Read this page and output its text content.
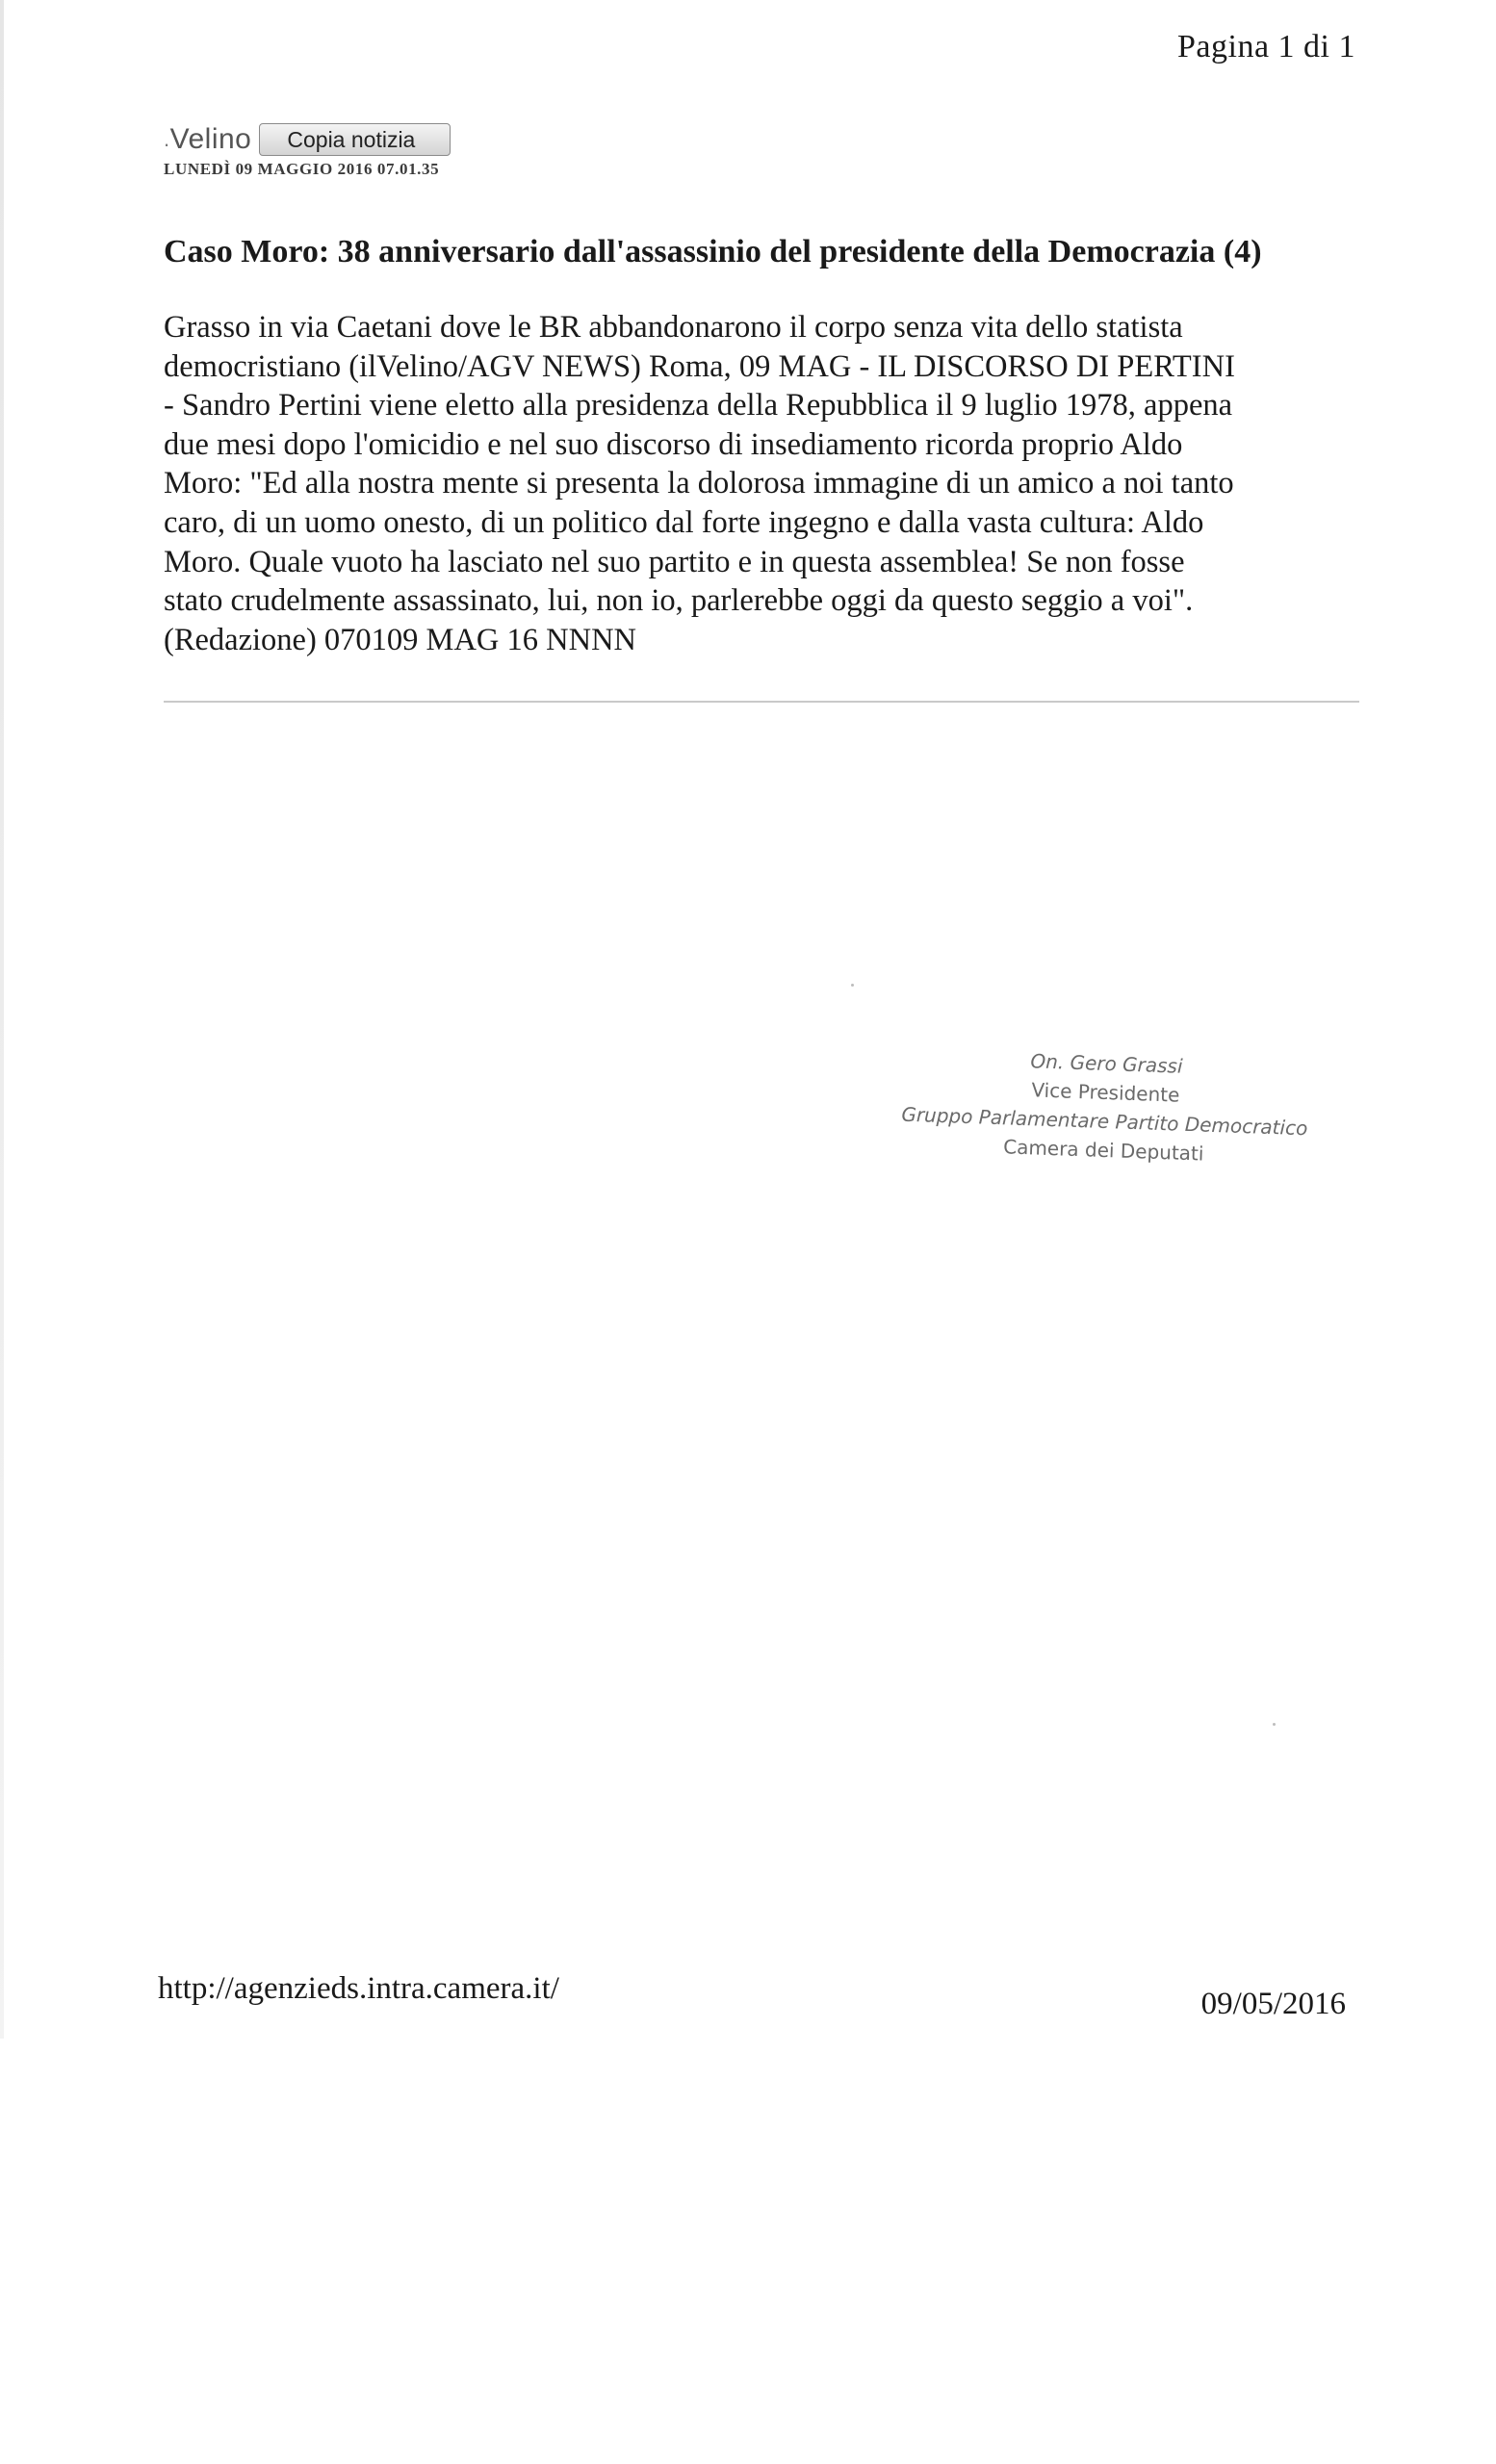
Pagina 1 di 1
.Velino	Copia notizia
LUNEDÌ 09 MAGGIO 2016 07.01.35
Caso Moro: 38 anniversario dall'assassinio del presidente della Democrazia (4)
Grasso in via Caetani dove le BR abbandonarono il corpo senza vita dello statista
democristiano (ilVelino/AGV NEWS) Roma, 09 MAG - IL DISCORSO DI PERTINI
- Sandro Pertini viene eletto alla presidenza della Repubblica il 9 luglio 1978, appena
due mesi dopo l'omicidio e nel suo discorso di insediamento ricorda proprio Aldo
Moro: "Ed alla nostra mente si presenta la dolorosa immagine di un amico a noi tanto
caro, di un uomo onesto, di un politico dal forte ingegno e dalla vasta cultura: Aldo
Moro. Quale vuoto ha lasciato nel suo partito e in questa assemblea! Se non fosse
stato crudelmente assassinato, lui, non io, parlerebbe oggi da questo seggio a voi".
(Redazione) 070109 MAG 16 NNNN
On. Gero Grassi
Vice Presidente
Gruppo Parlamentare Partito Democratico
Camera dei Deputati
http://agenzieds.intra.camera.it/	09/05/2016
